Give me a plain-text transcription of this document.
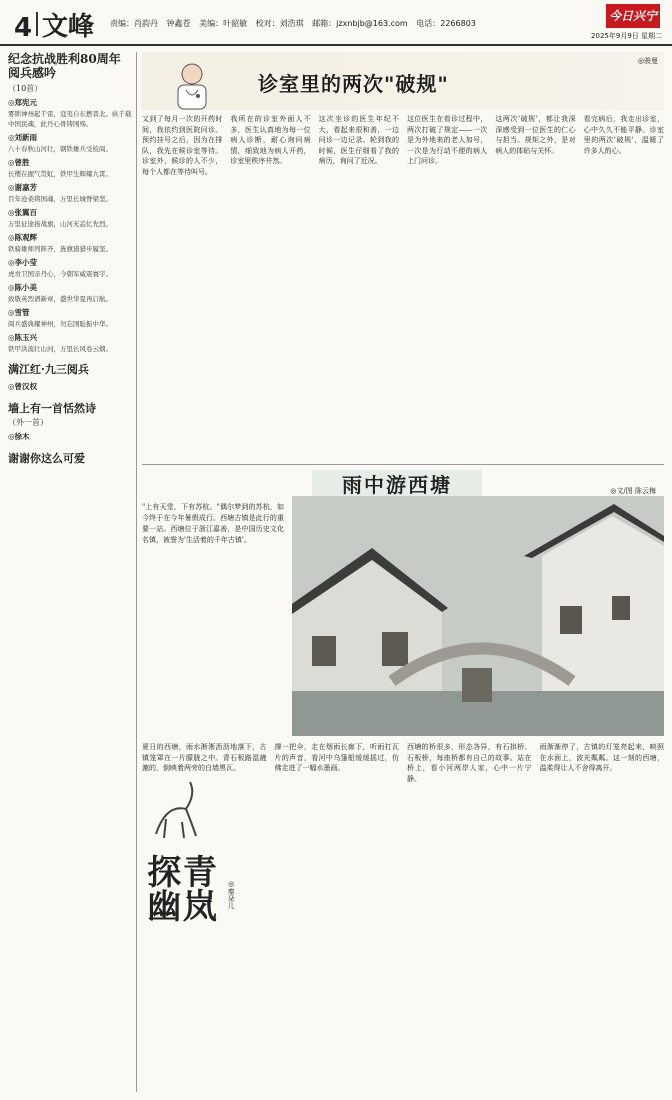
4 文峰 责编：肖韵丹 钟鑫苍 美编：叶韶敏 校对：刘浩琪 邮箱：jzxnbjb@163.com 电话：2266803
今日兴宁
2025年9月9日 星期二
纪念抗战胜利80周年阅兵感吟
（10首）
◎郑宪元
雾锁神州起千雷，寇夷自东燃晋北。纵千载中国民魂，此丹心骨铸国殇。
◎刘新雨
八十春秋山河壮，钢铁雄兵受检阅。
◎曾胜
长缨在握气贯虹，铁甲生辉耀九霄。
◎谢嘉芳
百年沧桑铸国魂，万里长城脊梁坚。
◎张翼百
万里征途扬战旗，山河无恙忆先烈。
◎陈观辉
铁骑雄师列阵齐，旌旗猎猎步履坚。
◎李小莹
虎贲卫国亲丹心，今朝军威震寰宇。
◎陈小美
致敬英烈谱新章，盛世华夏再启航。
◎雪管
阅兵盛典耀神州，勿忘国耻振中华。
◎陈玉兴
铁甲洪流壮山河，万里长风卷云烟。
满江红·九三阅兵
◎曾汉权
墙上有一首恬然诗
（外一首）
◎徐木
谢谢你这么可爱
诊室里的两次"破规"
◎骏曼
又到了每月一次的开药时间，我依约到医院问诊。预约挂号之后，因为在排队，我先在候诊室等待。诊室外，候诊的人不少，每个人都在等待叫号。
我所在的诊室外面人不多，医生认真地为每一位病人诊断，耐心询问病情，细致地为病人开药，诊室里秩序井然。
这次坐诊的医生年纪不大，看起来很和善，一边问诊一边记录。轮到我的时候，医生仔细看了我的病历，询问了近况。
这位医生在看诊过程中，两次打破了规定——一次是为外地来的老人加号，一次是为行动不便的病人上门问诊。
这两次'破规'，都让我深深感受到一位医生的仁心与担当。规矩之外，是对病人的体贴与关怀。
看完病后，我走出诊室，心中久久不能平静。诊室里的两次'破规'，温暖了许多人的心。
雨中游西塘	◎文/图 陈云梅
"上有天堂，下有苏杭。"偶尔梦到的苏杭，如今终于在今年暑假成行。西塘古镇是此行的重要一站。西塘位于浙江嘉善，是中国历史文化名镇，被誉为'生活着的千年古镇'。
夏日的西塘，雨水淅淅沥沥地落下，古镇笼罩在一片朦胧之中。青石板路湿漉漉的，倒映着两旁的白墙黑瓦。
撑一把伞，走在烟雨长廊下，听雨打瓦片的声音，看河中乌篷船缓缓摇过，仿佛走进了一幅水墨画。
西塘的桥很多，形态各异，有石拱桥、石板桥，每座桥都有自己的故事。站在桥上，看小河两岸人家，心中一片宁静。
雨渐渐停了，古镇的灯笼亮起来，映照在水面上，波光粼粼。这一刻的西塘，温柔得让人不舍得离开。
青岚探幽	◎秦朵儿
